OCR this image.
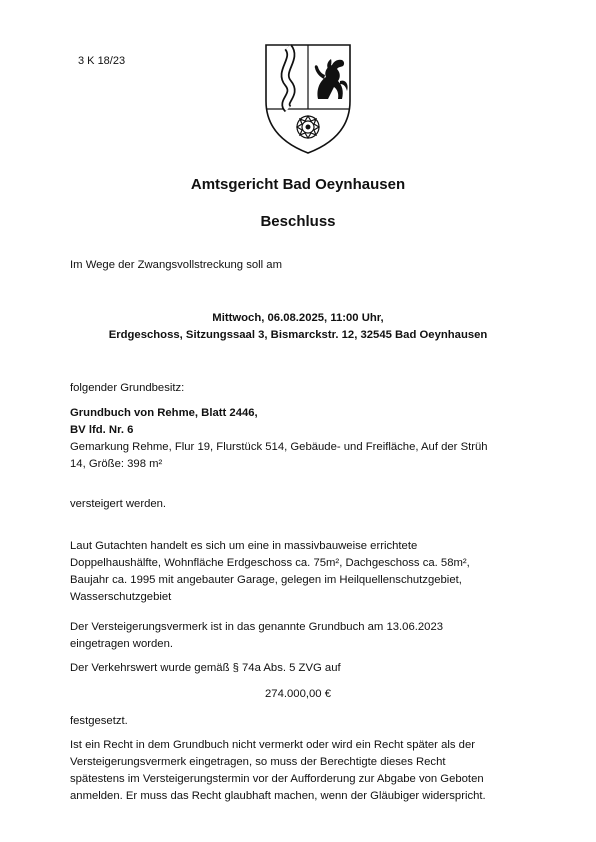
3 K 18/23
Amtsgericht Bad Oeynhausen
Beschluss
Im Wege der Zwangsvollstreckung soll am
Mittwoch, 06.08.2025, 11:00 Uhr,
Erdgeschoss, Sitzungssaal 3, Bismarckstr. 12, 32545 Bad Oeynhausen
folgender Grundbesitz:
Grundbuch von Rehme, Blatt 2446,
BV lfd. Nr. 6
Gemarkung Rehme, Flur 19, Flurstück 514, Gebäude- und Freifläche, Auf der Strüh
14, Größe: 398 m²
versteigert werden.
Laut Gutachten handelt es sich um eine in massivbauweise errichtete
Doppelhaushälfte, Wohnfläche Erdgeschoss ca. 75m², Dachgeschoss ca. 58m²,
Baujahr ca. 1995 mit angebauter Garage, gelegen im Heilquellenschutzgebiet,
Wasserschutzgebiet
Der Versteigerungsvermerk ist in das genannte Grundbuch am 13.06.2023
eingetragen worden.
Der Verkehrswert wurde gemäß § 74a Abs. 5 ZVG auf
274.000,00 €
festgesetzt.
Ist ein Recht in dem Grundbuch nicht vermerkt oder wird ein Recht später als der
Versteigerungsvermerk eingetragen, so muss der Berechtigte dieses Recht
spätestens im Versteigerungstermin vor der Aufforderung zur Abgabe von Geboten
anmelden. Er muss das Recht glaubhaft machen, wenn der Gläubiger widerspricht.
